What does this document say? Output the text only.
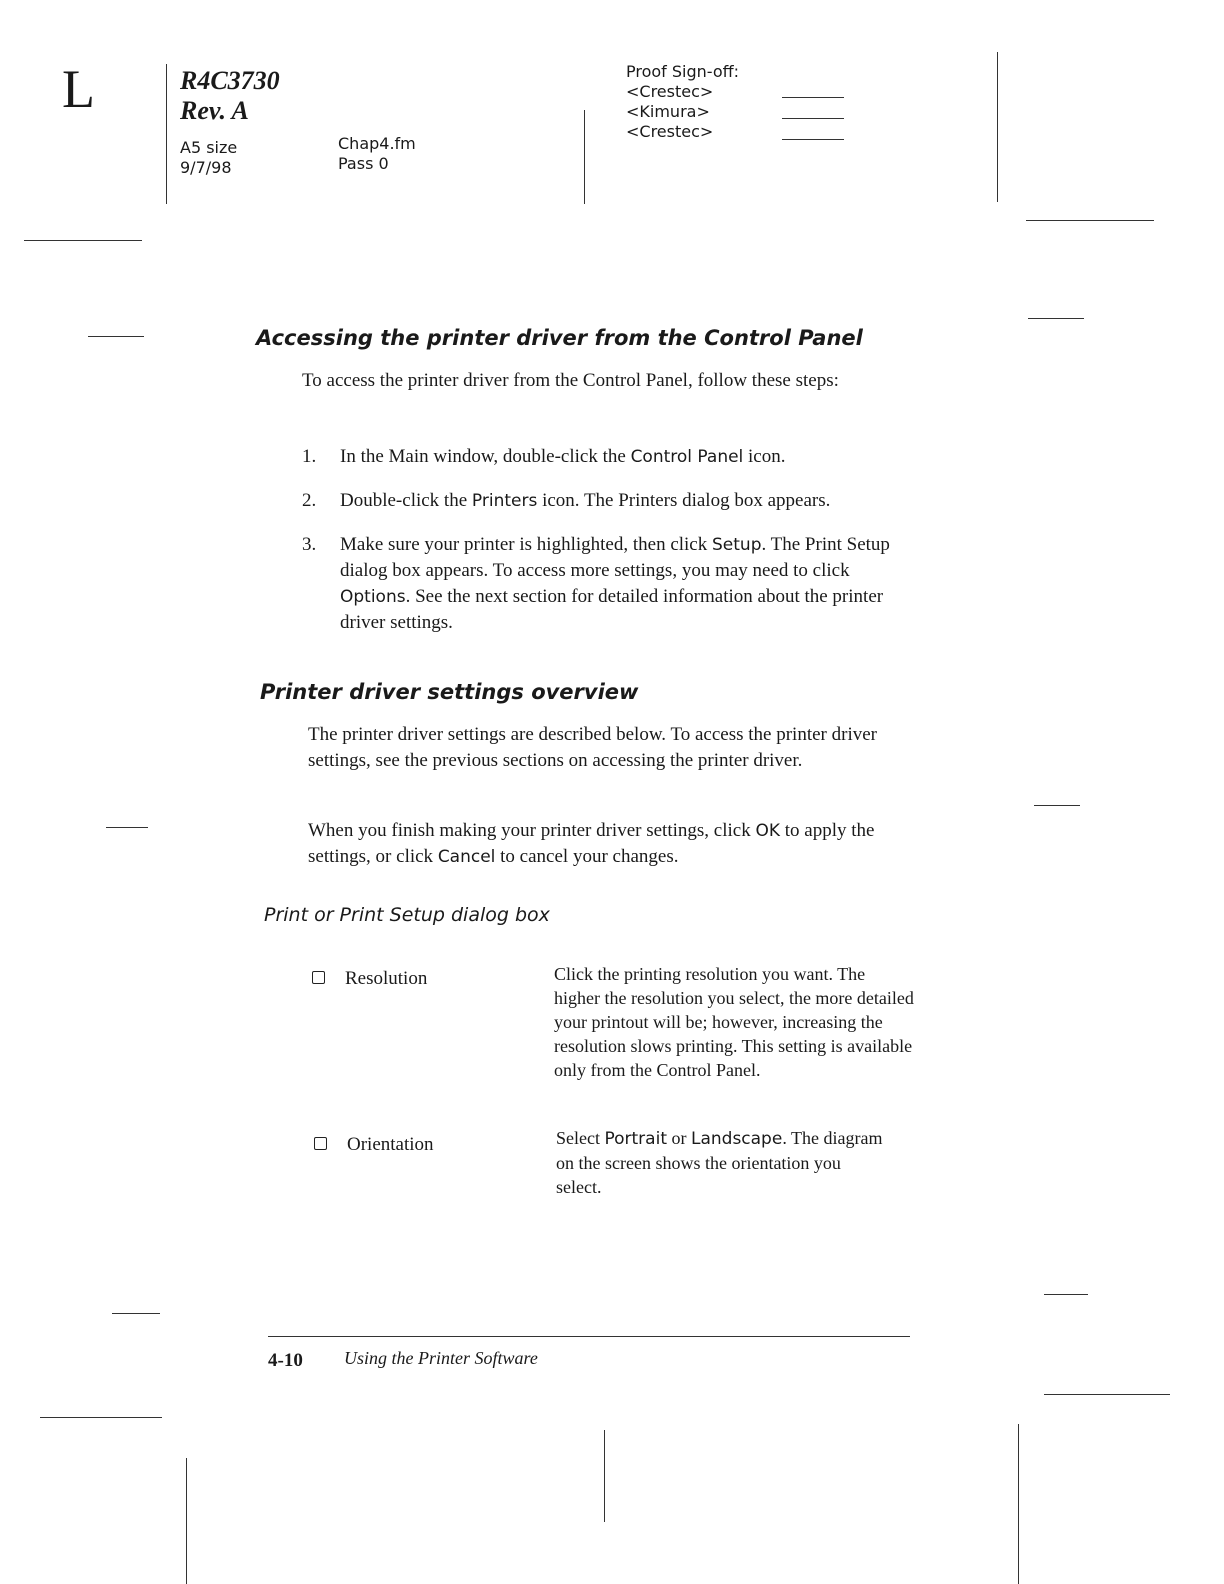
L	R4C3730
Rev. A
A5 size
9/7/98
Chap4.fm
Pass 0
Proof Sign-off:
<Crestec>
<Kimura>
<Crestec>
Accessing the printer driver from the Control Panel
To access the printer driver from the Control Panel, follow these steps:
1. In the Main window, double-click the Control Panel icon.
2. Double-click the Printers icon. The Printers dialog box appears.
3. Make sure your printer is highlighted, then click Setup. The Print Setup dialog box appears. To access more settings, you may need to click Options. See the next section for detailed information about the printer driver settings.
Printer driver settings overview
The printer driver settings are described below. To access the printer driver settings, see the previous sections on accessing the printer driver.
When you finish making your printer driver settings, click OK to apply the settings, or click Cancel to cancel your changes.
Print or Print Setup dialog box
Resolution	Click the printing resolution you want. The higher the resolution you select, the more detailed your printout will be; however, increasing the resolution slows printing. This setting is available only from the Control Panel.
Orientation	Select Portrait or Landscape. The diagram on the screen shows the orientation you select.
4-10 Using the Printer Software
